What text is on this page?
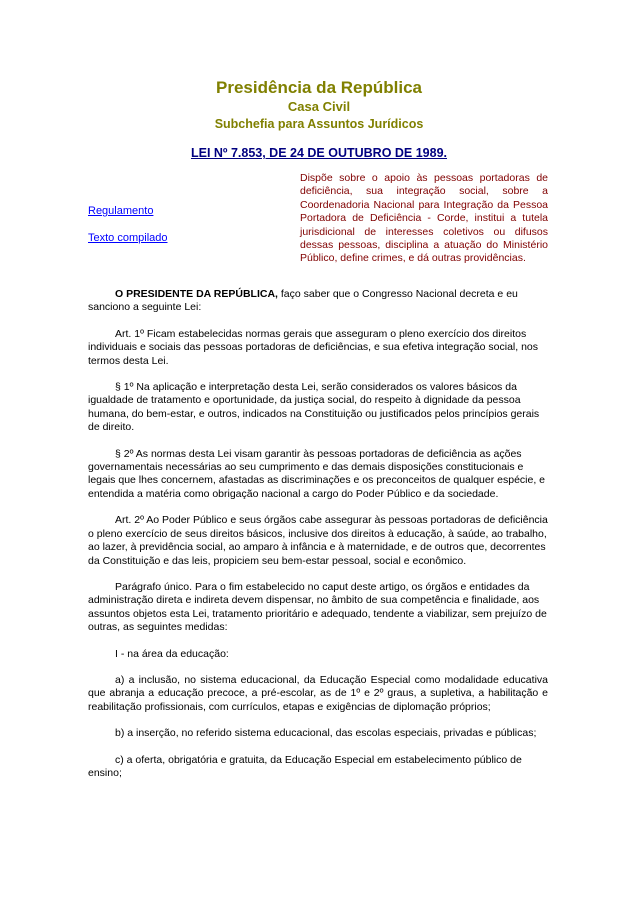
Presidência da República
Casa Civil
Subchefia para Assuntos Jurídicos
LEI Nº 7.853, DE 24 DE OUTUBRO DE 1989.
Regulamento
Texto compilado
Dispõe sobre o apoio às pessoas portadoras de deficiência, sua integração social, sobre a Coordenadoria Nacional para Integração da Pessoa Portadora de Deficiência - Corde, institui a tutela jurisdicional de interesses coletivos ou difusos dessas pessoas, disciplina a atuação do Ministério Público, define crimes, e dá outras providências.

O PRESIDENTE DA REPÚBLICA, faço saber que o Congresso Nacional decreta e eu sanciono a seguinte Lei:

Art. 1º Ficam estabelecidas normas gerais que asseguram o pleno exercício dos direitos individuais e sociais das pessoas portadoras de deficiências, e sua efetiva integração social, nos termos desta Lei.

§ 1º Na aplicação e interpretação desta Lei, serão considerados os valores básicos da igualdade de tratamento e oportunidade, da justiça social, do respeito à dignidade da pessoa humana, do bem-estar, e outros, indicados na Constituição ou justificados pelos princípios gerais de direito.

§ 2º As normas desta Lei visam garantir às pessoas portadoras de deficiência as ações governamentais necessárias ao seu cumprimento e das demais disposições constitucionais e legais que lhes concernem, afastadas as discriminações e os preconceitos de qualquer espécie, e entendida a matéria como obrigação nacional a cargo do Poder Público e da sociedade.

Art. 2º Ao Poder Público e seus órgãos cabe assegurar às pessoas portadoras de deficiência o pleno exercício de seus direitos básicos, inclusive dos direitos à educação, à saúde, ao trabalho, ao lazer, à previdência social, ao amparo à infância e à maternidade, e de outros que, decorrentes da Constituição e das leis, propiciem seu bem-estar pessoal, social e econômico.

Parágrafo único. Para o fim estabelecido no caput deste artigo, os órgãos e entidades da administração direta e indireta devem dispensar, no âmbito de sua competência e finalidade, aos assuntos objetos esta Lei, tratamento prioritário e adequado, tendente a viabilizar, sem prejuízo de outras, as seguintes medidas:

I - na área da educação:

a) a inclusão, no sistema educacional, da Educação Especial como modalidade educativa que abranja a educação precoce, a pré-escolar, as de 1º e 2º graus, a supletiva, a habilitação e reabilitação profissionais, com currículos, etapas e exigências de diplomação próprios;

b) a inserção, no referido sistema educacional, das escolas especiais, privadas e públicas;

c) a oferta, obrigatória e gratuita, da Educação Especial em estabelecimento público de ensino;
